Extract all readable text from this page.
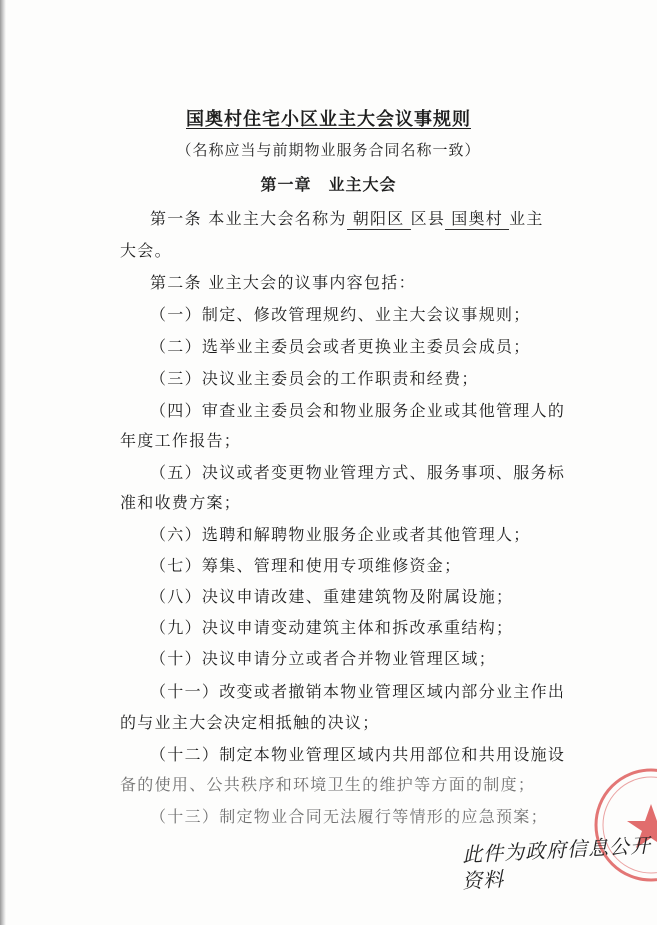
国奥村住宅小区业主大会议事规则
（名称应当与前期物业服务合同名称一致）
第一章　业主大会
第一条 本业主大会名称为 朝阳区 区县 国奥村 业主
大会。
第二条 业主大会的议事内容包括：
（一）制定、修改管理规约、业主大会议事规则；
（二）选举业主委员会或者更换业主委员会成员；
（三）决议业主委员会的工作职责和经费；
（四）审查业主委员会和物业服务企业或其他管理人的
年度工作报告；
（五）决议或者变更物业管理方式、服务事项、服务标
准和收费方案；
（六）选聘和解聘物业服务企业或者其他管理人；
（七）筹集、管理和使用专项维修资金；
（八）决议申请改建、重建建筑物及附属设施；
（九）决议申请变动建筑主体和拆改承重结构；
（十）决议申请分立或者合并物业管理区域；
（十一）改变或者撤销本物业管理区域内部分业主作出
的与业主大会决定相抵触的决议；
（十二）制定本物业管理区域内共用部位和共用设施设
备的使用、公共秩序和环境卫生的维护等方面的制度；
（十三）制定物业合同无法履行等情形的应急预案；
此件为政府信息公开
资料
